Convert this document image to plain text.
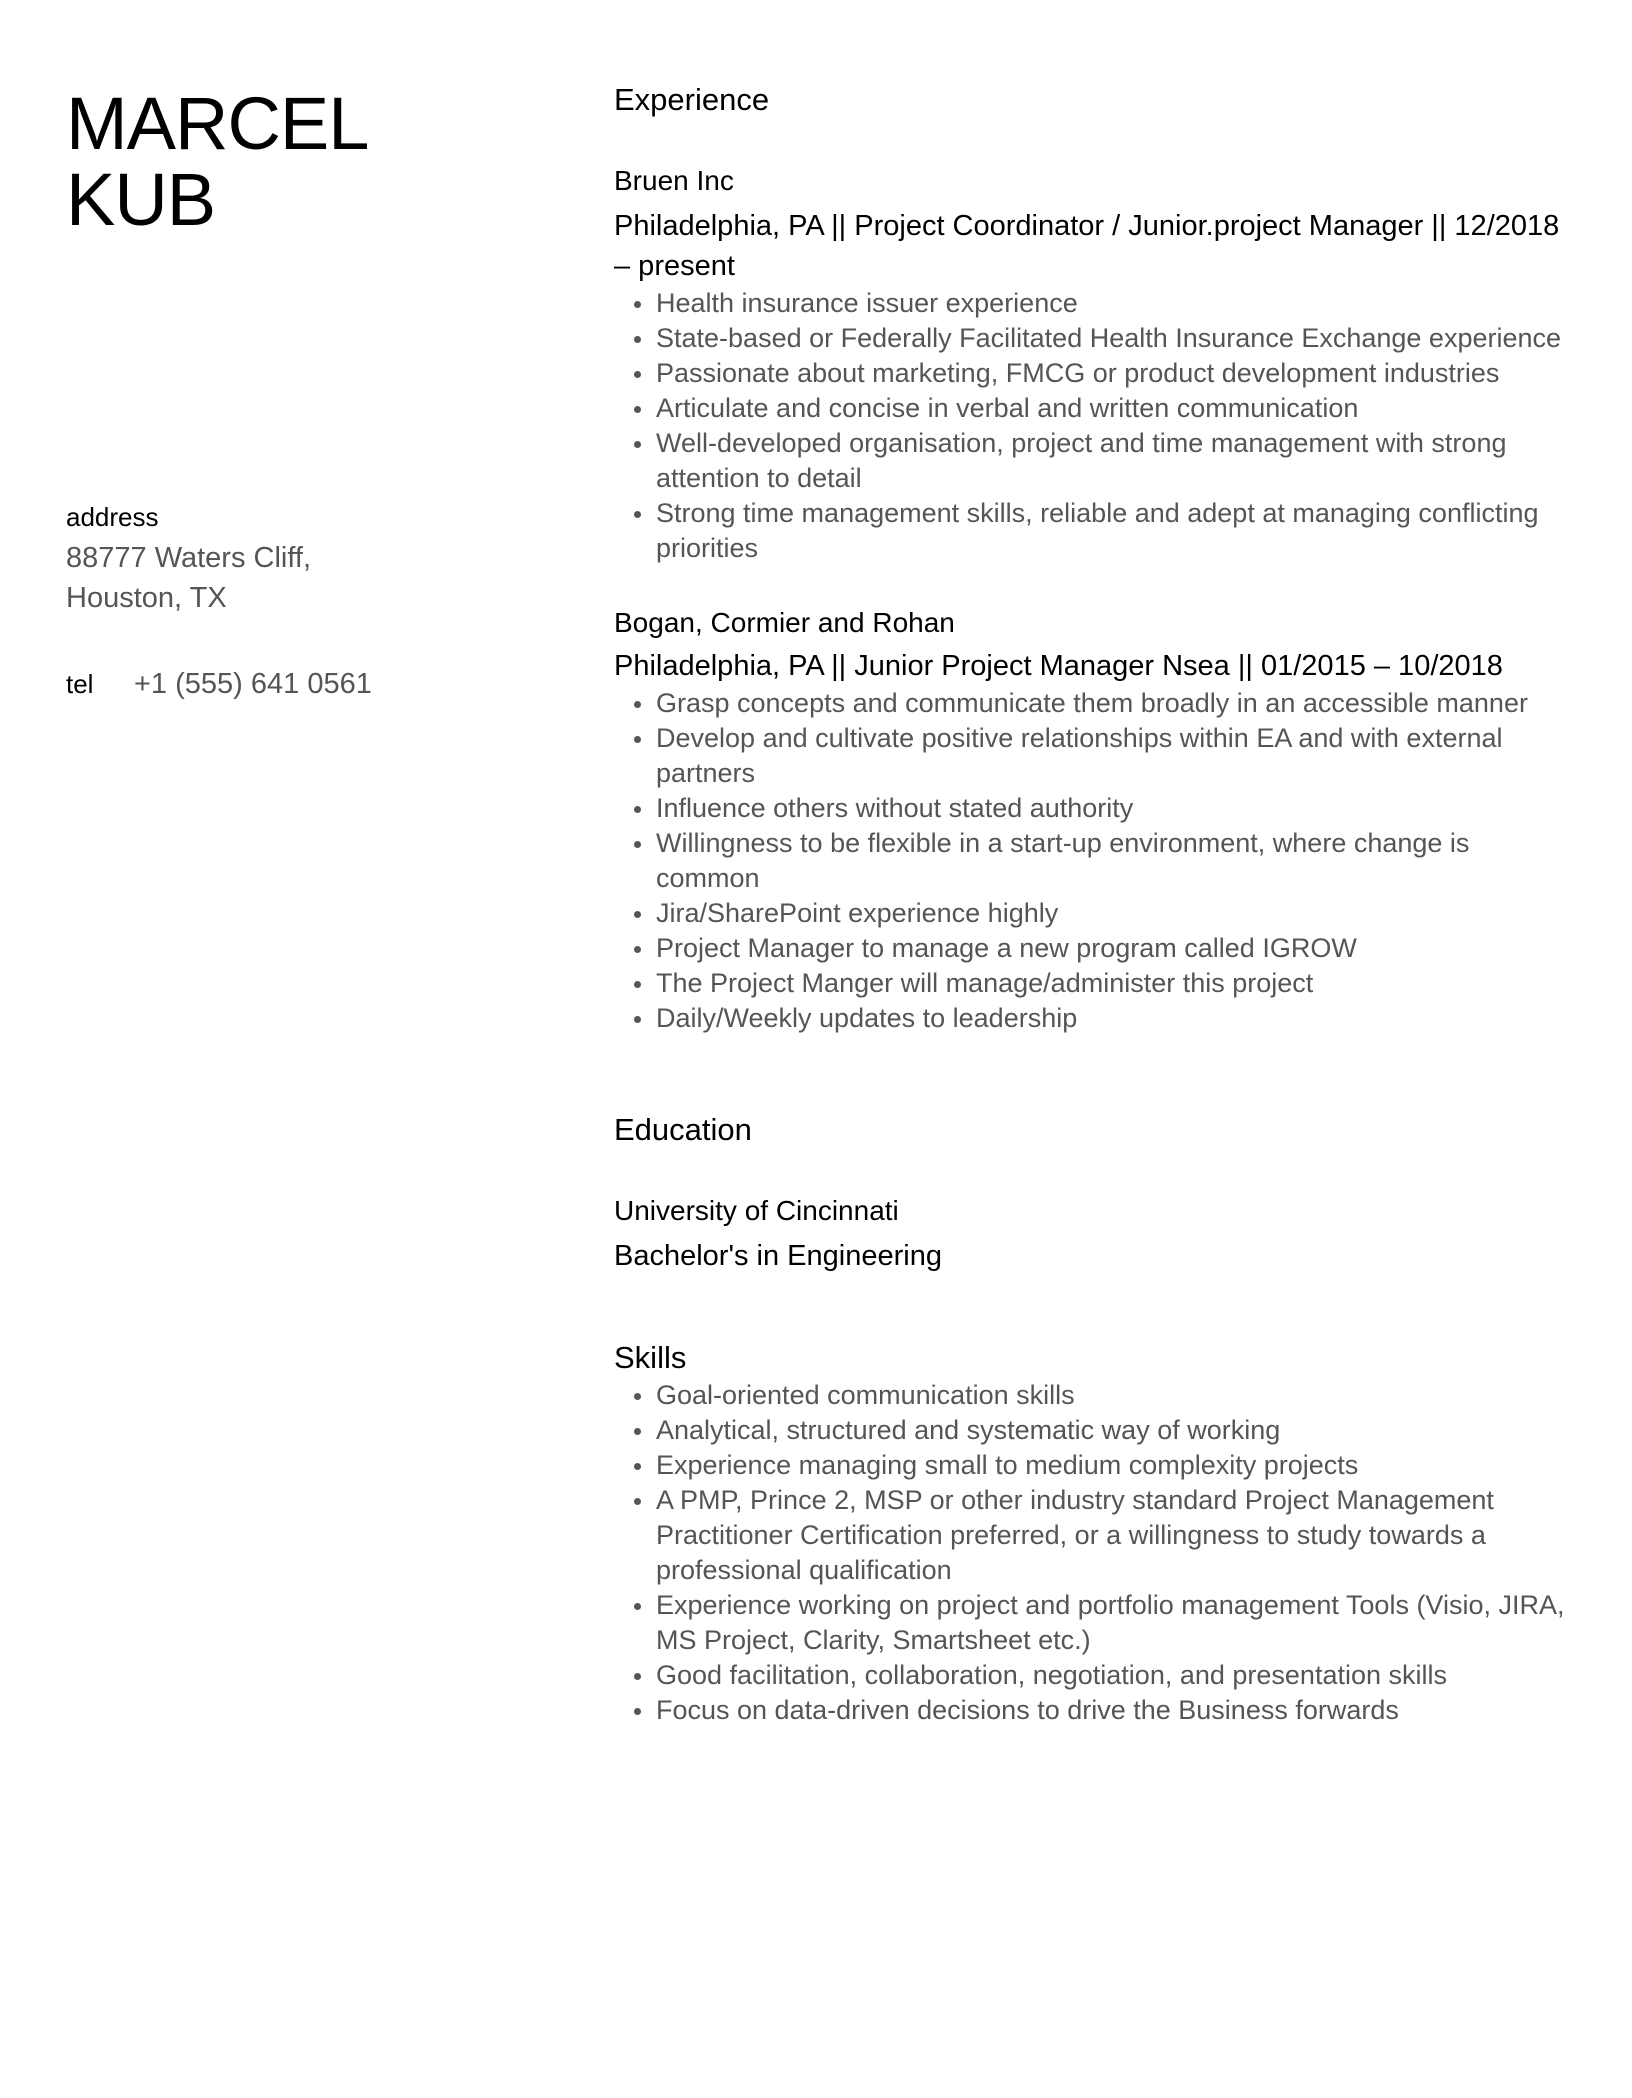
MARCEL
KUB
address
88777 Waters Cliff,
Houston, TX
tel	+1 (555) 641 0561
Experience
Bruen Inc

Philadelphia, PA || Project Coordinator / Junior.project Manager || 12/2018 – present

Health insurance issuer experience
State-based or Federally Facilitated Health Insurance Exchange experience
Passionate about marketing, FMCG or product development industries
Articulate and concise in verbal and written communication
Well-developed organisation, project and time management with strong attention to detail
Strong time management skills, reliable and adept at managing conflicting priorities
Bogan, Cormier and Rohan

Philadelphia, PA || Junior Project Manager Nsea || 01/2015 – 10/2018

Grasp concepts and communicate them broadly in an accessible manner
Develop and cultivate positive relationships within EA and with external partners
Influence others without stated authority
Willingness to be flexible in a start-up environment, where change is common
Jira/SharePoint experience highly
Project Manager to manage a new program called IGROW
The Project Manger will manage/administer this project
Daily/Weekly updates to leadership
Education
University of Cincinnati

Bachelor's in Engineering

Skills
Goal-oriented communication skills
Analytical, structured and systematic way of working
Experience managing small to medium complexity projects
A PMP, Prince 2, MSP or other industry standard Project Management Practitioner Certification preferred, or a willingness to study towards a professional qualification
Experience working on project and portfolio management Tools (Visio, JIRA, MS Project, Clarity, Smartsheet etc.)
Good facilitation, collaboration, negotiation, and presentation skills
Focus on data-driven decisions to drive the Business forwards
